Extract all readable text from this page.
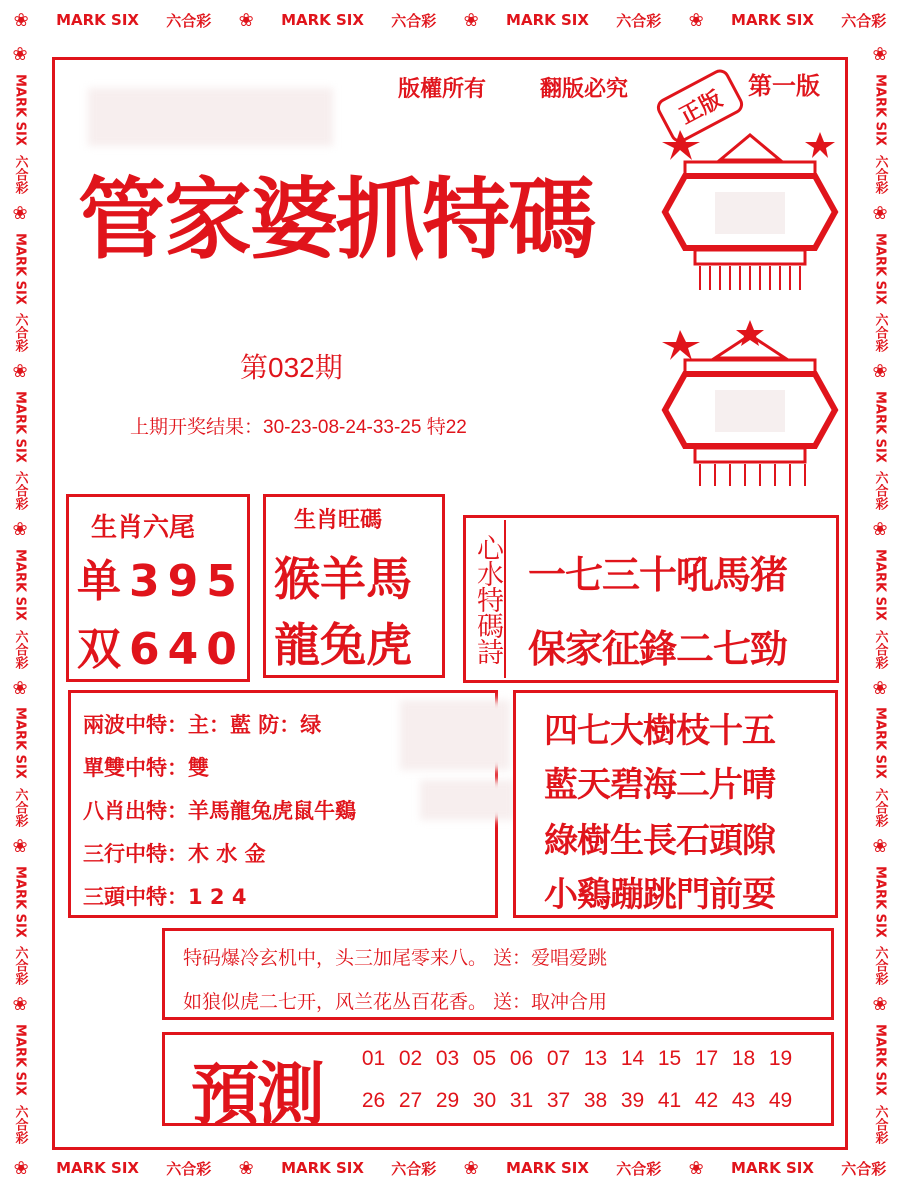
❀ MARK SIX 六合彩 ❀ MARK SIX 六合彩 ❀ MARK SIX 六合彩 ❀ MARK SIX 六合彩
❀ MARK SIX 六合彩 ❀ MARK SIX 六合彩 ❀ MARK SIX 六合彩 ❀ MARK SIX 六合彩
❀
MARK SIX
六合彩
❀
MARK SIX
六合彩
❀
MARK SIX
六合彩
❀
MARK SIX
六合彩
❀
MARK SIX
六合彩
❀
MARK SIX
六合彩
❀
MARK SIX
六合彩
❀
MARK SIX
六合彩
❀
MARK SIX
六合彩
❀
MARK SIX
六合彩
❀
MARK SIX
六合彩
❀
MARK SIX
六合彩
❀
MARK SIX
六合彩
❀
MARK SIX
六合彩
版權所有 翻版必究	第一版
正版
管家婆抓特碼
第032期
上期开奖结果：30-23-08-24-33-25 特22
生肖六尾
单395
双640
生肖旺碼
猴羊馬
龍兔虎 心水特碼詩 一七三十吼馬猪
保家征鋒二七勁
兩波中特：主：藍 防：绿
單雙中特：雙
八肖出特：羊馬龍兔虎鼠牛鷄
三行中特：木 水 金
三頭中特：1 2 4
四七大樹枝十五
藍天碧海二片晴
綠樹生長石頭隙
小鷄蹦跳門前耍
特码爆冷玄机中，头三加尾零来八。 送：爱唱爱跳
如狼似虎二七开，风兰花丛百花香。 送：取冲合用
預測	01 02 03 05 06 07 13 14 15 17 18 19
26 27 29 30 31 37 38 39 41 42 43 49
